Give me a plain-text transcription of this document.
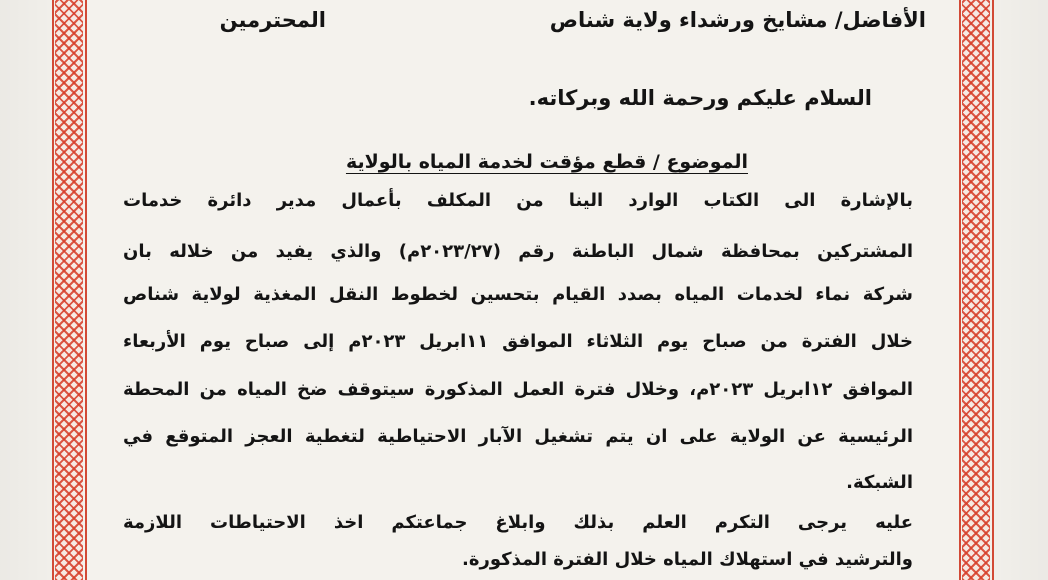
الأفاضل/ مشايخ ورشداء ولاية شناص
المحترمين
السلام عليكم ورحمة الله وبركاته.
الموضوع / قطع مؤقت لخدمة المياه بالولاية
بالإشارة الى الكتاب الوارد الينا من المكلف بأعمال مدير دائرة خدمات
المشتركين بمحافظة شمال الباطنة رقم (٢٠٢٣/٢٧م) والذي يفيد من خلاله بان
شركة نماء لخدمات المياه بصدد القيام بتحسين لخطوط النقل المغذية لولاية شناص
خلال الفترة من صباح يوم الثلاثاء الموافق ١١ابريل ٢٠٢٣م إلى صباح يوم الأربعاء
الموافق ١٢ابريل ٢٠٢٣م، وخلال فترة العمل المذكورة سيتوقف ضخ المياه من المحطة
الرئيسية عن الولاية على ان يتم تشغيل الآبار الاحتياطية لتغطية العجز المتوقع في
الشبكة.
عليه يرجى التكرم العلم بذلك وابلاغ جماعتكم اخذ الاحتياطات اللازمة
والترشيد في استهلاك المياه خلال الفترة المذكورة.
